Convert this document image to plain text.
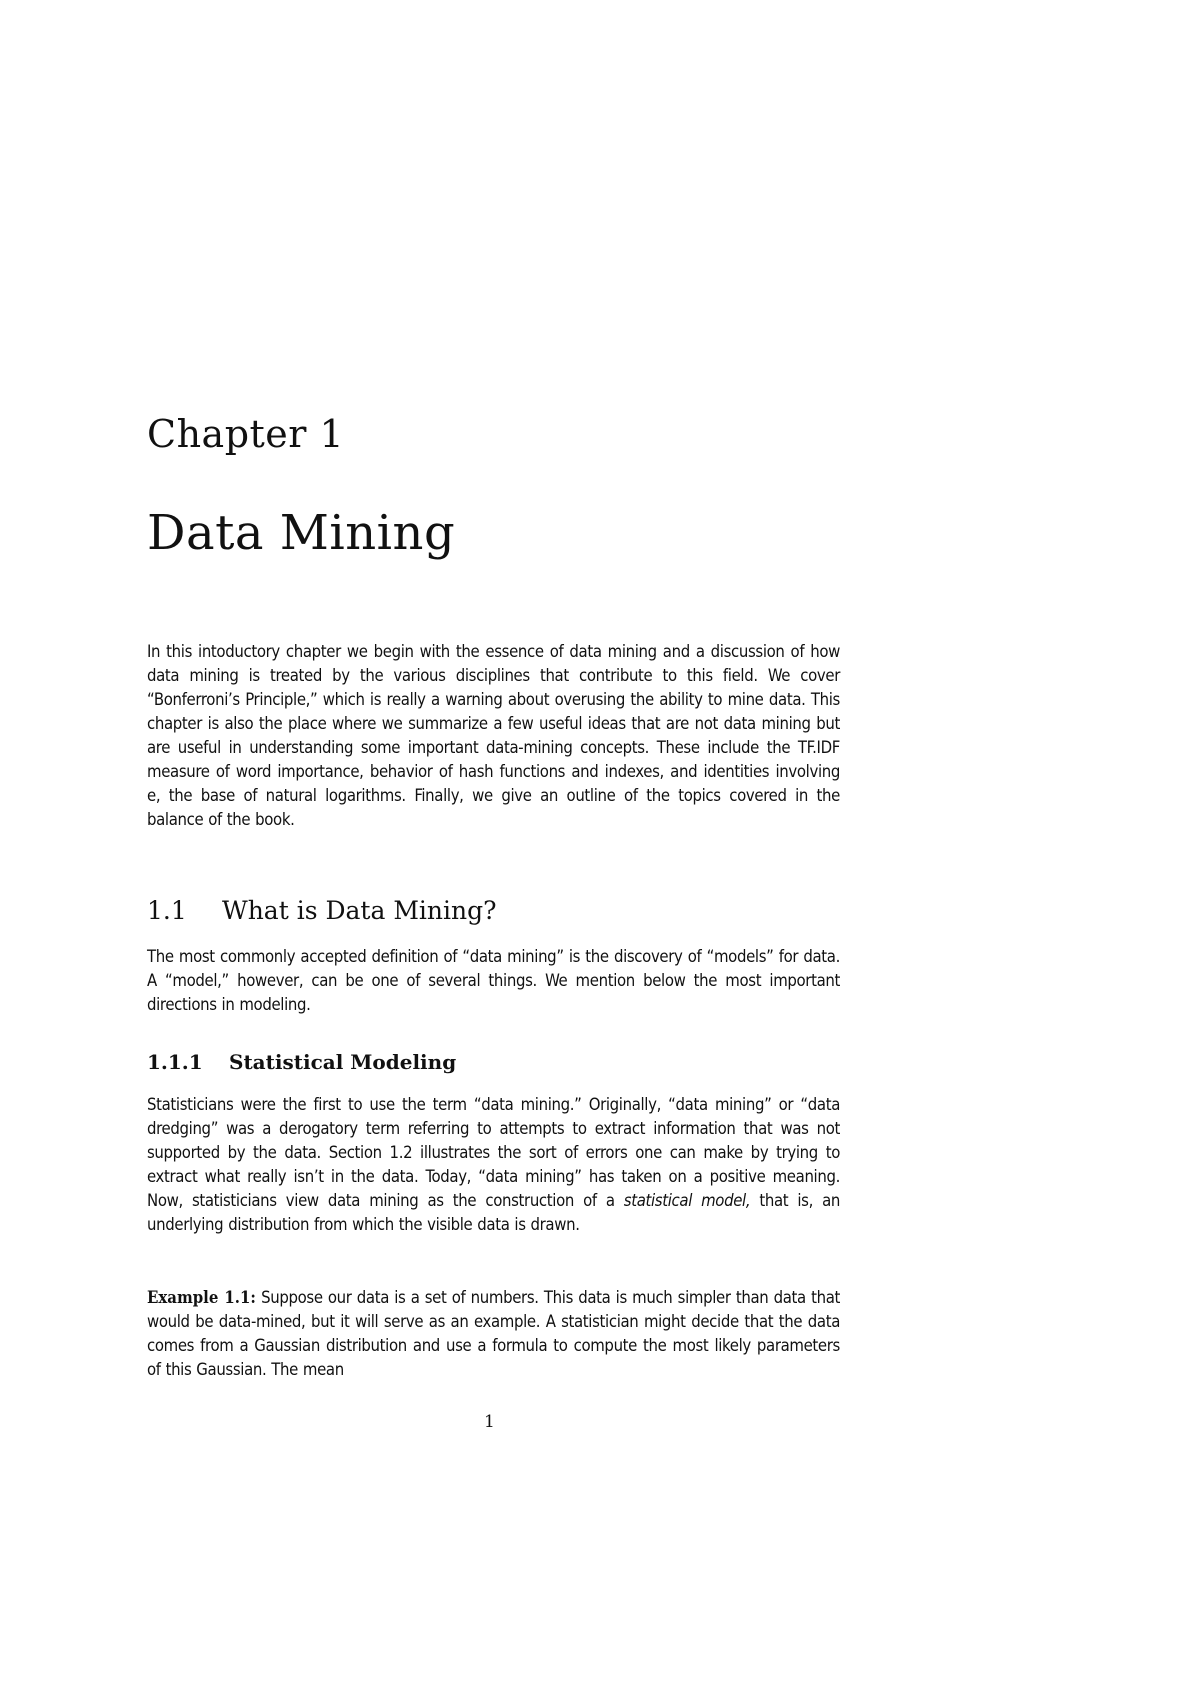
Chapter 1
Data Mining

In this intoductory chapter we begin with the essence of data mining and a discussion of how data mining is treated by the various disciplines that contribute to this field. We cover “Bonferroni’s Principle,” which is really a warning about overusing the ability to mine data. This chapter is also the place where we summarize a few useful ideas that are not data mining but are useful in understanding some important data-mining concepts. These include the TF.IDF measure of word importance, behavior of hash functions and indexes, and identities involving e, the base of natural logarithms. Finally, we give an outline of the topics covered in the balance of the book.

1.1 What is Data Mining?

The most commonly accepted definition of “data mining” is the discovery of “models” for data. A “model,” however, can be one of several things. We mention below the most important directions in modeling.

1.1.1 Statistical Modeling

Statisticians were the first to use the term “data mining.” Originally, “data mining” or “data dredging” was a derogatory term referring to attempts to extract information that was not supported by the data. Section 1.2 illustrates the sort of errors one can make by trying to extract what really isn’t in the data. Today, “data mining” has taken on a positive meaning. Now, statisticians view data mining as the construction of a statistical model, that is, an underlying distribution from which the visible data is drawn.

Example 1.1: Suppose our data is a set of numbers. This data is much simpler than data that would be data-mined, but it will serve as an example. A statistician might decide that the data comes from a Gaussian distribution and use a formula to compute the most likely parameters of this Gaussian. The mean

1
